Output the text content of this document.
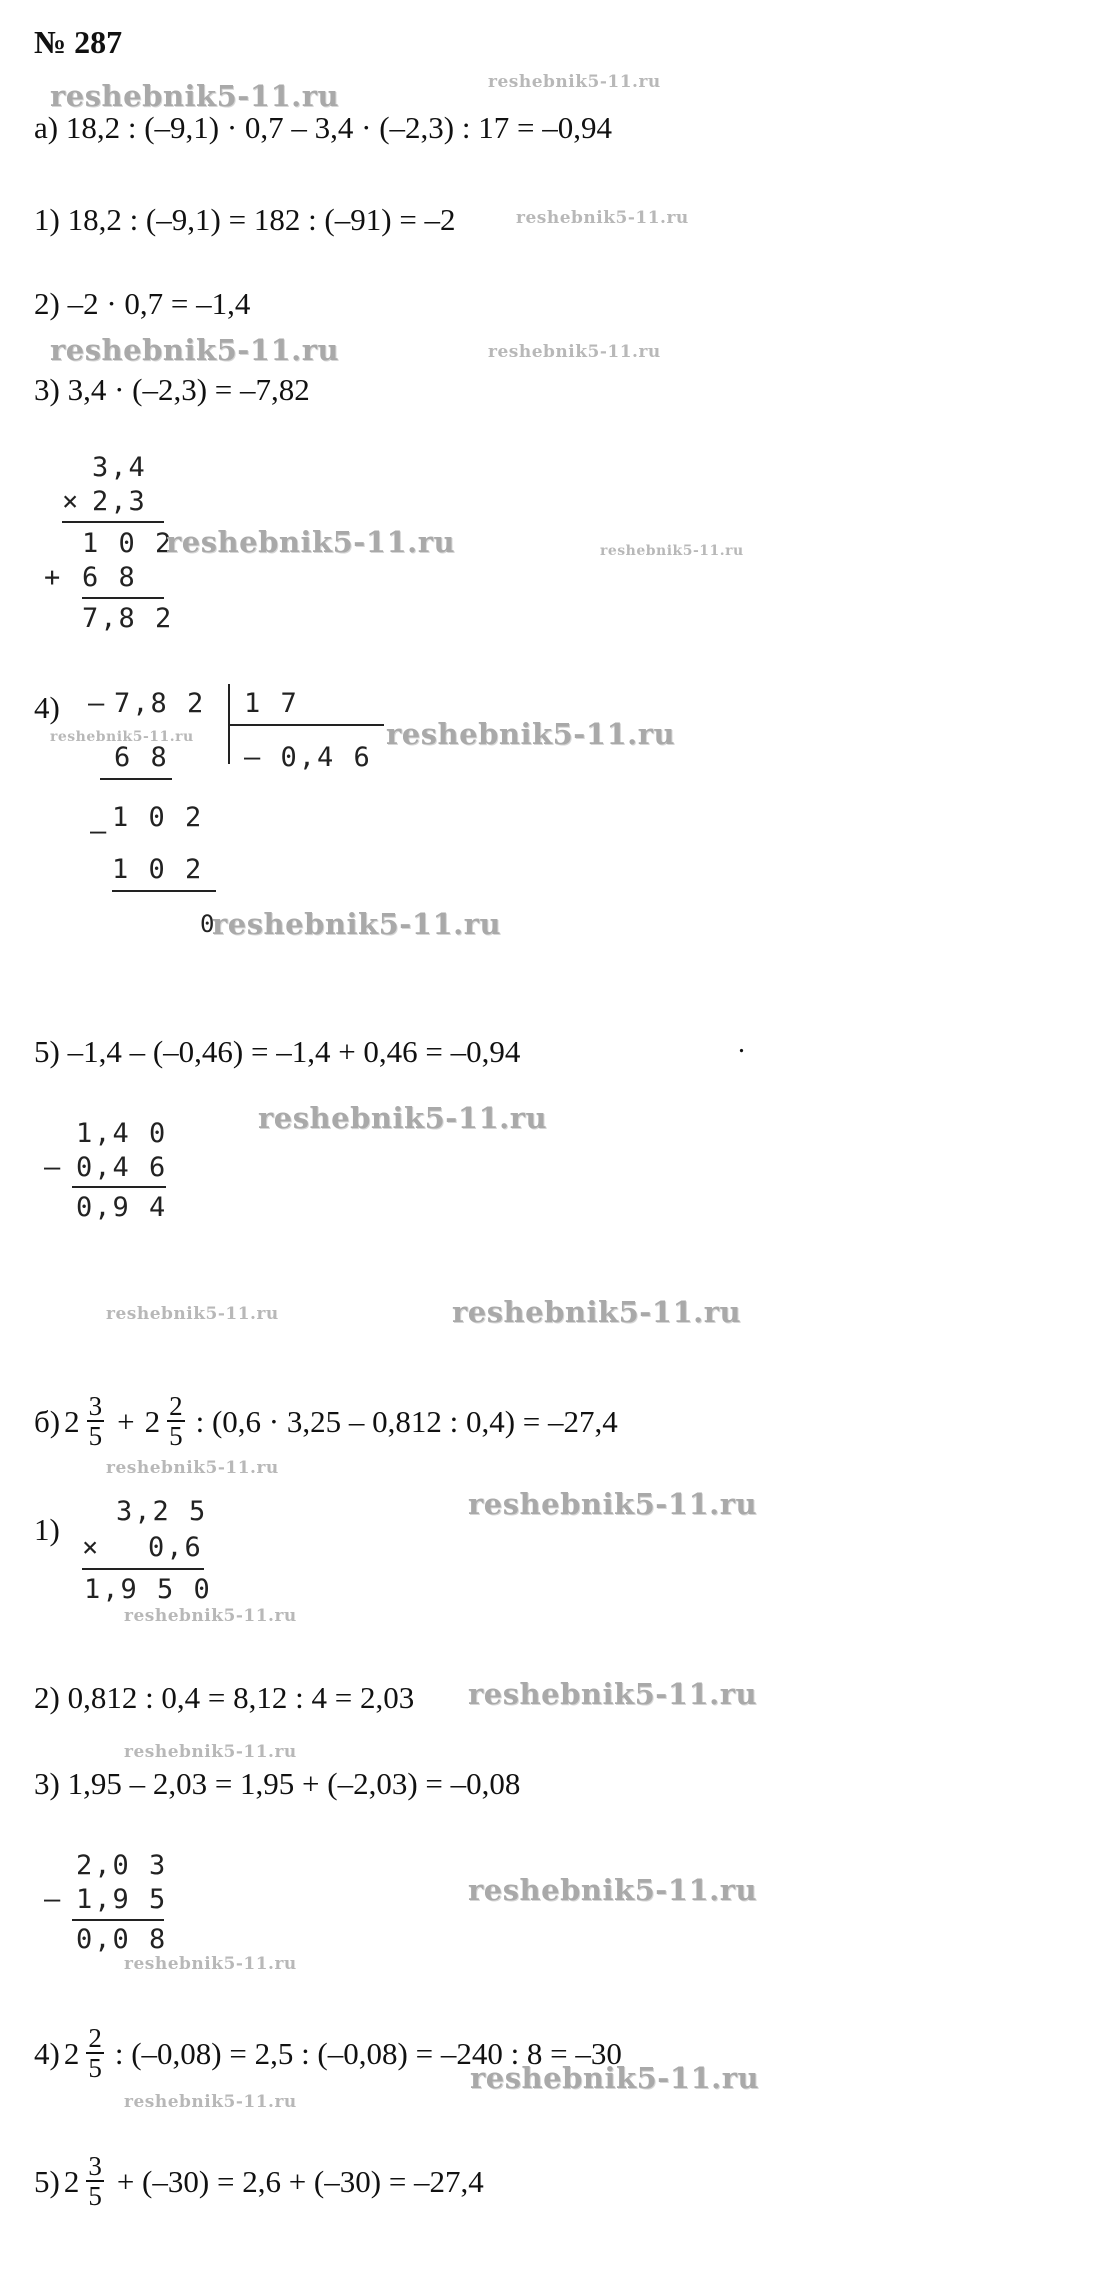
№ 287
а) 18,2 : (–9,1) · 0,7 – 3,4 · (–2,3) : 17 = –0,94
1) 18,2 : (–9,1) = 182 : (–91) = –2
2) –2 · 0,7 = –1,4
3) 3,4 · (–2,3) = –7,82
3,4
× 2,3
1 0 2
+ 6 8
7,8 2
4) – 7,8 2 1 7
– 0,4 6
6 8
– 1 0 2
1 0 2
0
5) –1,4 – (–0,46) = –1,4 + 0,46 = –0,94	.
1,4 0
– 0,4 6
0,9 4
б) $2 \frac{3}{5} + 2 \frac{2}{5}$ : (0,6 · 3,25 – 0,812 : 0,4) = –27,4
1)
3,2 5
× 0,6
1,9 5 0
2) 0,812 : 0,4 = 8,12 : 4 = 2,03
3) 1,95 – 2,03 = 1,95 + (–2,03) = –0,08
2,0 3
– 1,9 5
0,0 8
4) $2 \frac{2}{5}$ : (–0,08) = 2,5 : (–0,08) = –240 : 8 = –30
5) $2 \frac{3}{5} + (-30) = 2,6 + (-30) = -27,4$
reshebnik5-11.ru	reshebnik5-11.ru
reshebnik5-11.ru
reshebnik5-11.ru	reshebnik5-11.ru
reshebnik5-11.ru	reshebnik5-11.ru
reshebnik5-11.ru	reshebnik5-11.ru
reshebnik5-11.ru
reshebnik5-11.ru
reshebnik5-11.ru	reshebnik5-11.ru
reshebnik5-11.ru
reshebnik5-11.ru
reshebnik5-11.ru
reshebnik5-11.ru
reshebnik5-11.ru
reshebnik5-11.ru
reshebnik5-11.ru
reshebnik5-11.ru
reshebnik5-11.ru
